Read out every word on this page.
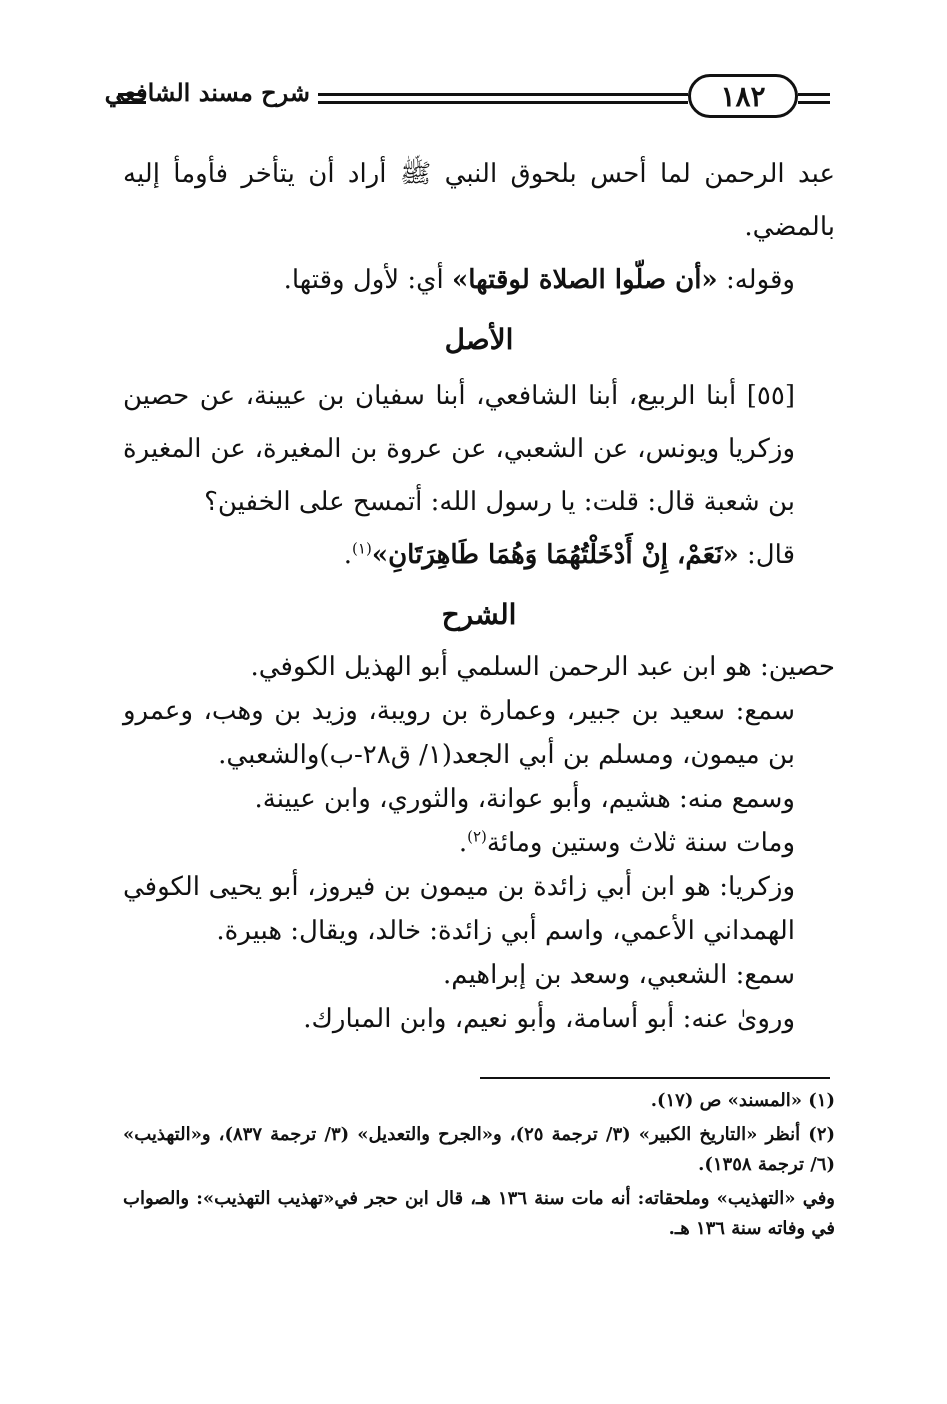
شرح مسند الشافعي	١٨٢

عبد الرحمن لما أحس بلحوق النبي ﷺ أراد أن يتأخر فأومأ إليه بالمضي.

وقوله: «أن صلّوا الصلاة لوقتها» أي: لأول وقتها.

الأصل

[٥٥] أبنا الربيع، أبنا الشافعي، أبنا سفيان بن عيينة، عن حصين وزكريا ويونس، عن الشعبي، عن عروة بن المغيرة، عن المغيرة بن شعبة قال: قلت: يا رسول الله: أتمسح على الخفين؟

قال: «نَعَمْ، إِنْ أَدْخَلْتُهُمَا وَهُمَا طَاهِرَتَانِ»$^{(١)}$.

الشرح

حصين: هو ابن عبد الرحمن السلمي أبو الهذيل الكوفي.

سمع: سعيد بن جبير، وعمارة بن رويبة، وزيد بن وهب، وعمرو بن ميمون، ومسلم بن أبي الجعد(١/ ق٢٨-ب)والشعبي.

وسمع منه: هشيم، وأبو عوانة، والثوري، وابن عيينة.

ومات سنة ثلاث وستين ومائة$^{(٢)}$.

وزكريا: هو ابن أبي زائدة بن ميمون بن فيروز، أبو يحيى الكوفي الهمداني الأعمي، واسم أبي زائدة: خالد، ويقال: هبيرة.

سمع: الشعبي، وسعد بن إبراهيم.

وروىٰ عنه: أبو أسامة، وأبو نعيم، وابن المبارك.

(١) «المسند» ص (١٧).

(٢) أنظر «التاريخ الكبير» (٣/ ترجمة ٢٥)، و«الجرح والتعديل» (٣/ ترجمة ٨٣٧)، و«التهذيب» (٦/ ترجمة ١٣٥٨).

وفي «التهذيب» وملحقاته: أنه مات سنة ١٣٦ هـ، قال ابن حجر في«تهذيب التهذيب»: والصواب في وفاته سنة ١٣٦ هـ.
